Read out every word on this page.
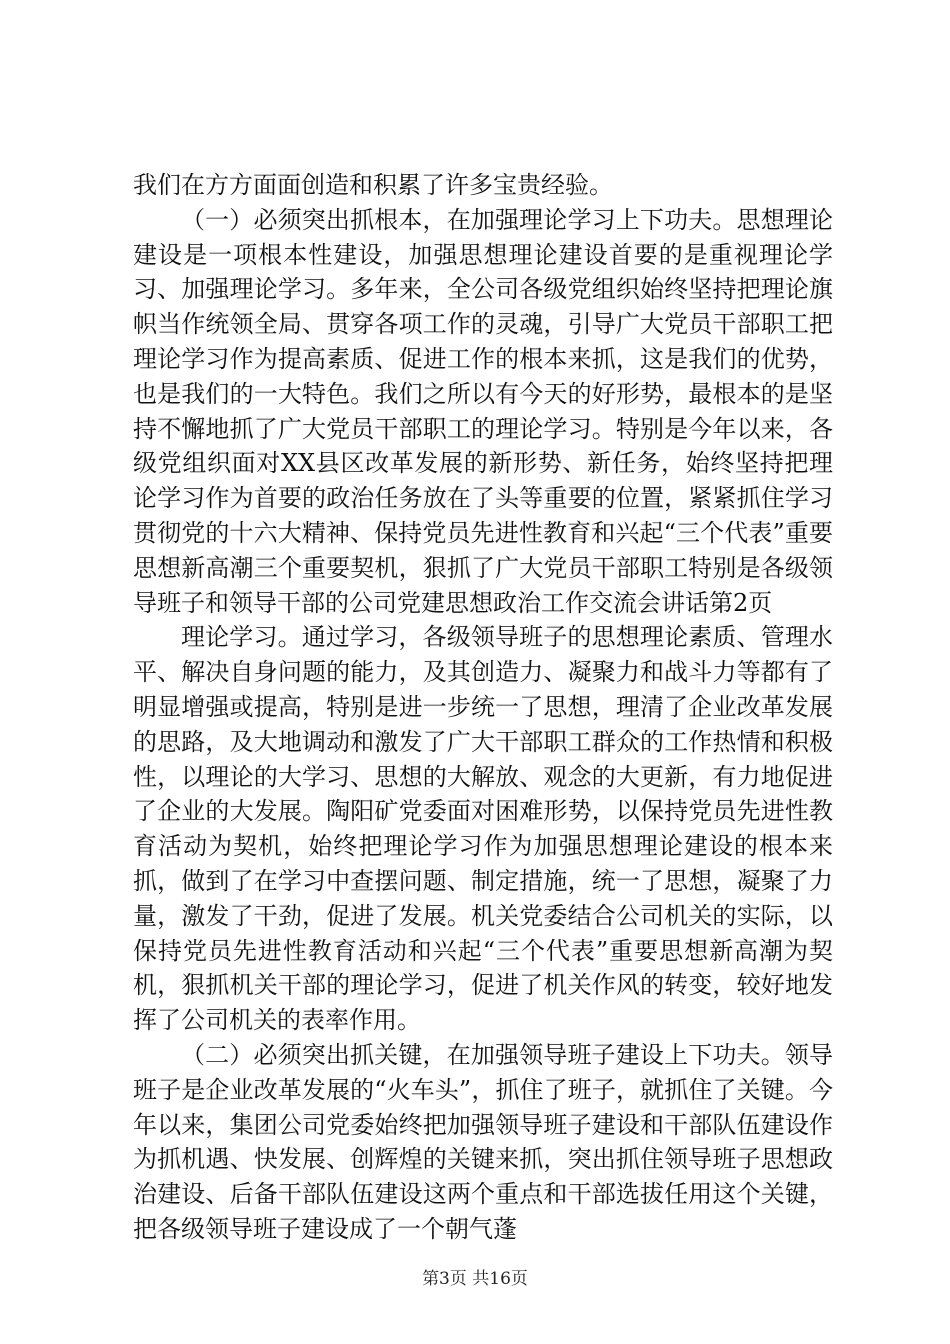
我们在方方面面创造和积累了许多宝贵经验。

（一）必须突出抓根本，在加强理论学习上下功夫。思想理论建设是一项根本性建设，加强思想理论建设首要的是重视理论学习、加强理论学习。多年来，全公司各级党组织始终坚持把理论旗帜当作统领全局、贯穿各项工作的灵魂，引导广大党员干部职工把理论学习作为提高素质、促进工作的根本来抓，这是我们的优势，也是我们的一大特色。我们之所以有今天的好形势，最根本的是坚持不懈地抓了广大党员干部职工的理论学习。特别是今年以来，各级党组织面对XX县区改革发展的新形势、新任务，始终坚持把理论学习作为首要的政治任务放在了头等重要的位置，紧紧抓住学习贯彻党的十六大精神、保持党员先进性教育和兴起“三个代表”重要思想新高潮三个重要契机，狠抓了广大党员干部职工特别是各级领导班子和领导干部的公司党建思想政治工作交流会讲话第2页

理论学习。通过学习，各级领导班子的思想理论素质、管理水平、解决自身问题的能力，及其创造力、凝聚力和战斗力等都有了明显增强或提高，特别是进一步统一了思想，理清了企业改革发展的思路，及大地调动和激发了广大干部职工群众的工作热情和积极性，以理论的大学习、思想的大解放、观念的大更新，有力地促进了企业的大发展。陶阳矿党委面对困难形势，以保持党员先进性教育活动为契机，始终把理论学习作为加强思想理论建设的根本来抓，做到了在学习中查摆问题、制定措施，统一了思想，凝聚了力量，激发了干劲，促进了发展。机关党委结合公司机关的实际，以保持党员先进性教育活动和兴起“三个代表”重要思想新高潮为契机，狠抓机关干部的理论学习，促进了机关作风的转变，较好地发挥了公司机关的表率作用。

（二）必须突出抓关键，在加强领导班子建设上下功夫。领导班子是企业改革发展的“火车头”，抓住了班子，就抓住了关键。今年以来，集团公司党委始终把加强领导班子建设和干部队伍建设作为抓机遇、快发展、创辉煌的关键来抓，突出抓住领导班子思想政治建设、后备干部队伍建设这两个重点和干部选拔任用这个关键，把各级领导班子建设成了一个朝气蓬

第3页 共16页
